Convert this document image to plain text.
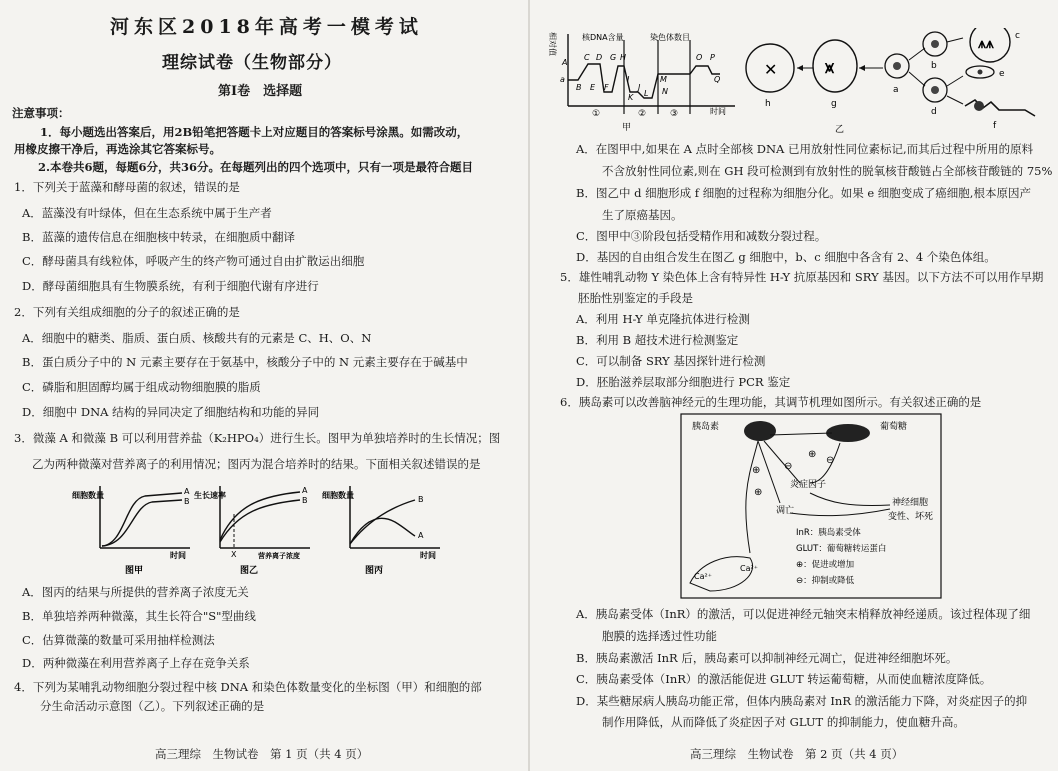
河东区2018年高考一模考试
理综试卷（生物部分）
第Ⅰ卷　选择题
注意事项：
1．每小题选出答案后，用2B铅笔把答题卡上对应题目的答案标号涂黑。如需改动，
用橡皮擦干净后，再选涂其它答案标号。
2.本卷共6题，每题6分，共36分。在每题列出的四个选项中，只有一项是最符合题目
1．下列关于蓝藻和酵母菌的叙述，错误的是
A．蓝藻没有叶绿体，但在生态系统中属于生产者
B．蓝藻的遗传信息在细胞核中转录，在细胞质中翻译
C．酵母菌具有线粒体，呼吸产生的终产物可通过自由扩散运出细胞
D．酵母菌细胞具有生物膜系统，有利于细胞代谢有序进行
2．下列有关组成细胞的分子的叙述正确的是
A．细胞中的糖类、脂质、蛋白质、核酸共有的元素是 C、H、O、N
B．蛋白质分子中的 N 元素主要存在于氨基中，核酸分子中的 N 元素主要存在于碱基中
C．磷脂和胆固醇均属于组成动物细胞膜的脂质
D．细胞中 DNA 结构的异同决定了细胞结构和功能的异同
3．微藻 A 和微藻 B 可以利用营养盐（K₂HPO₄）进行生长。图甲为单独培养时的生长情况；图
乙为两种微藻对营养离子的利用情况；图丙为混合培养时的结果。下面相关叙述错误的是
A
B
细胞数量
时间
图甲
A
B
X
生长速率
营养离子浓度
图乙
B
A
细胞数量
时间
图丙
A．图丙的结果与所提供的营养离子浓度无关
B．单独培养两种微藻，其生长符合"S"型曲线
C．估算微藻的数量可采用抽样检测法
D．两种微藻在利用营养离子上存在竞争关系
4．下列为某哺乳动物细胞分裂过程中核 DNA 和染色体数量变化的坐标图（甲）和细胞的部
分生命活动示意图（乙）。下列叙述正确的是
高三理综　生物试卷　第 1 页（共 4 页）
相对值	核DNA含量	染色体数目
时间
A
B
C D
E F
G H
I
J
K L
M
N
O P
Q
a
①	②	③
甲
✕
h
⩙
g
a
b
⩚⩚ c
d
e
f
乙
A．在图甲中,如果在 A 点时全部核 DNA 已用放射性同位素标记,而其后过程中所用的原料
不含放射性同位素,则在 GH 段可检测到有放射性的脱氧核苷酸链占全部核苷酸链的 75%
B．图乙中 d 细胞形成 f 细胞的过程称为细胞分化。如果 e 细胞变成了癌细胞,根本原因产
生了原癌基因。
C．图甲中③阶段包括受精作用和减数分裂过程。
D．基因的自由组合发生在图乙 g 细胞中，b、c 细胞中各含有 2、4 个染色体组。
5．雄性哺乳动物 Y 染色体上含有特异性 H-Y 抗原基因和 SRY 基因。以下方法不可以用作早期
胚胎性别鉴定的手段是
A．利用 H-Y 单克隆抗体进行检测
B．利用 B 超技术进行检测鉴定
C．可以制备 SRY 基因探针进行检测
D．胚胎滋养层取部分细胞进行 PCR 鉴定
6．胰岛素可以改善脑神经元的生理功能，其调节机理如图所示。有关叙述正确的是
胰岛素	葡萄糖
⊕ ⊖
⊕
⊖
⊕
炎症因子
凋亡
神经细胞
变性、坏死
Ca²⁺
Ca²⁺
InR：胰岛素受体
GLUT：葡萄糖转运蛋白
⊕：促进或增加
⊖：抑制或降低
A．胰岛素受体（InR）的激活，可以促进神经元轴突末梢释放神经递质。该过程体现了细
胞膜的选择透过性功能
B．胰岛素激活 InR 后，胰岛素可以抑制神经元凋亡，促进神经细胞坏死。
C．胰岛素受体（InR）的激活能促进 GLUT 转运葡萄糖，从而使血糖浓度降低。
D．某些糖尿病人胰岛功能正常，但体内胰岛素对 InR 的激活能力下降，对炎症因子的抑
制作用降低，从而降低了炎症因子对 GLUT 的抑制能力，使血糖升高。
高三理综　生物试卷　第 2 页（共 4 页）
